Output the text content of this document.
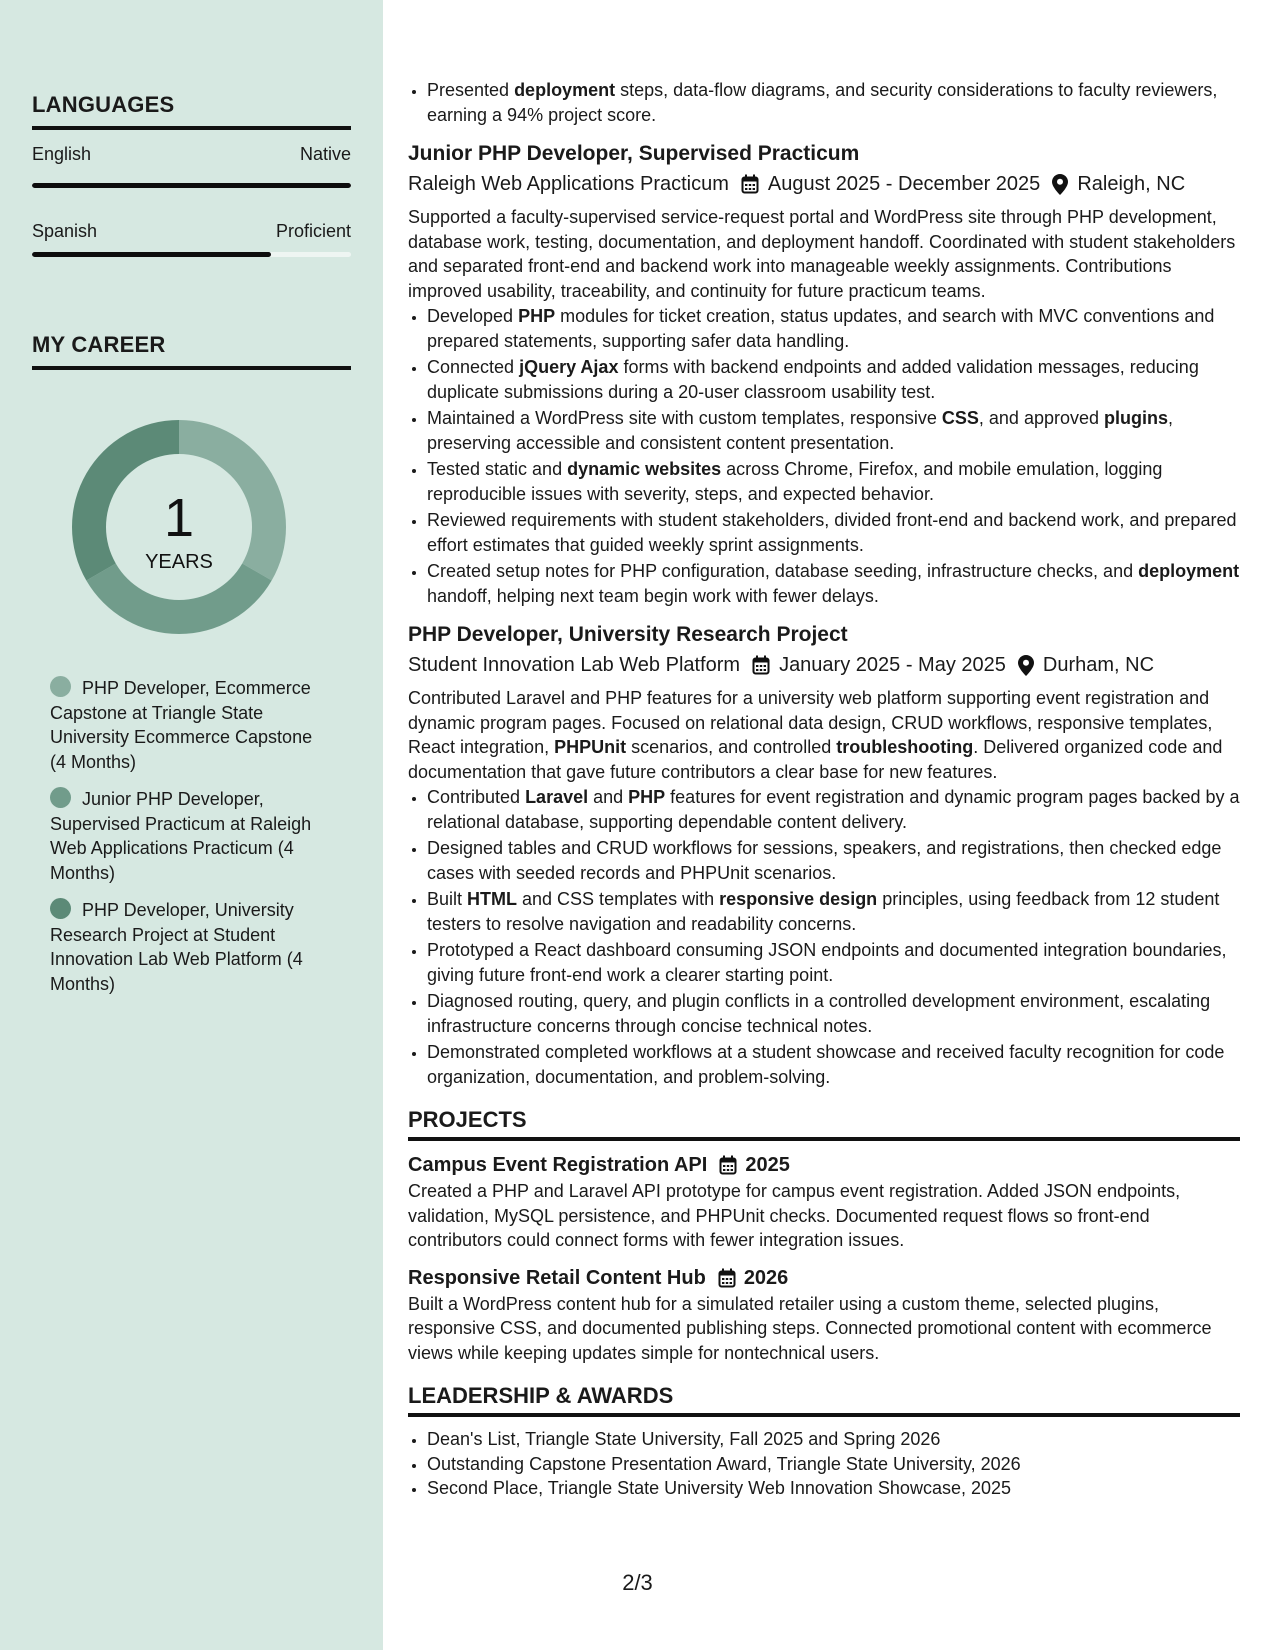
LANGUAGES
English	Native
Spanish	Proficient
MY CAREER
1
YEARS
PHP Developer, Ecommerce Capstone at Triangle State University Ecommerce Capstone (4 Months)
Junior PHP Developer, Supervised Practicum at Raleigh Web Applications Practicum (4 Months)
PHP Developer, University Research Project at Student Innovation Lab Web Platform (4 Months)
• Presented deployment steps, data-flow diagrams, and security considerations to faculty reviewers, earning a 94% project score.
Junior PHP Developer, Supervised Practicum
Raleigh Web Applications Practicum August 2025 - December 2025 Raleigh, NC

Supported a faculty-supervised service-request portal and WordPress site through PHP development, database work, testing, documentation, and deployment handoff. Coordinated with student stakeholders and separated front-end and backend work into manageable weekly assignments. Contributions improved usability, traceability, and continuity for future practicum teams.

• Developed PHP modules for ticket creation, status updates, and search with MVC conventions and prepared statements, supporting safer data handling.
• Connected jQuery Ajax forms with backend endpoints and added validation messages, reducing duplicate submissions during a 20-user classroom usability test.
• Maintained a WordPress site with custom templates, responsive CSS, and approved plugins, preserving accessible and consistent content presentation.
• Tested static and dynamic websites across Chrome, Firefox, and mobile emulation, logging reproducible issues with severity, steps, and expected behavior.
• Reviewed requirements with student stakeholders, divided front-end and backend work, and prepared effort estimates that guided weekly sprint assignments.
• Created setup notes for PHP configuration, database seeding, infrastructure checks, and deployment handoff, helping next team begin work with fewer delays.
PHP Developer, University Research Project
Student Innovation Lab Web Platform January 2025 - May 2025 Durham, NC

Contributed Laravel and PHP features for a university web platform supporting event registration and dynamic program pages. Focused on relational data design, CRUD workflows, responsive templates, React integration, PHPUnit scenarios, and controlled troubleshooting. Delivered organized code and documentation that gave future contributors a clear base for new features.

• Contributed Laravel and PHP features for event registration and dynamic program pages backed by a relational database, supporting dependable content delivery.
• Designed tables and CRUD workflows for sessions, speakers, and registrations, then checked edge cases with seeded records and PHPUnit scenarios.
• Built HTML and CSS templates with responsive design principles, using feedback from 12 student testers to resolve navigation and readability concerns.
• Prototyped a React dashboard consuming JSON endpoints and documented integration boundaries, giving future front-end work a clearer starting point.
• Diagnosed routing, query, and plugin conflicts in a controlled development environment, escalating infrastructure concerns through concise technical notes.
• Demonstrated completed workflows at a student showcase and received faculty recognition for code organization, documentation, and problem-solving.
PROJECTS
Campus Event Registration API 2025

Created a PHP and Laravel API prototype for campus event registration. Added JSON endpoints, validation, MySQL persistence, and PHPUnit checks. Documented request flows so front-end contributors could connect forms with fewer integration issues.

Responsive Retail Content Hub 2026

Built a WordPress content hub for a simulated retailer using a custom theme, selected plugins, responsive CSS, and documented publishing steps. Connected promotional content with ecommerce views while keeping updates simple for nontechnical users.

LEADERSHIP & AWARDS
• Dean's List, Triangle State University, Fall 2025 and Spring 2026
• Outstanding Capstone Presentation Award, Triangle State University, 2026
• Second Place, Triangle State University Web Innovation Showcase, 2025
2/3
